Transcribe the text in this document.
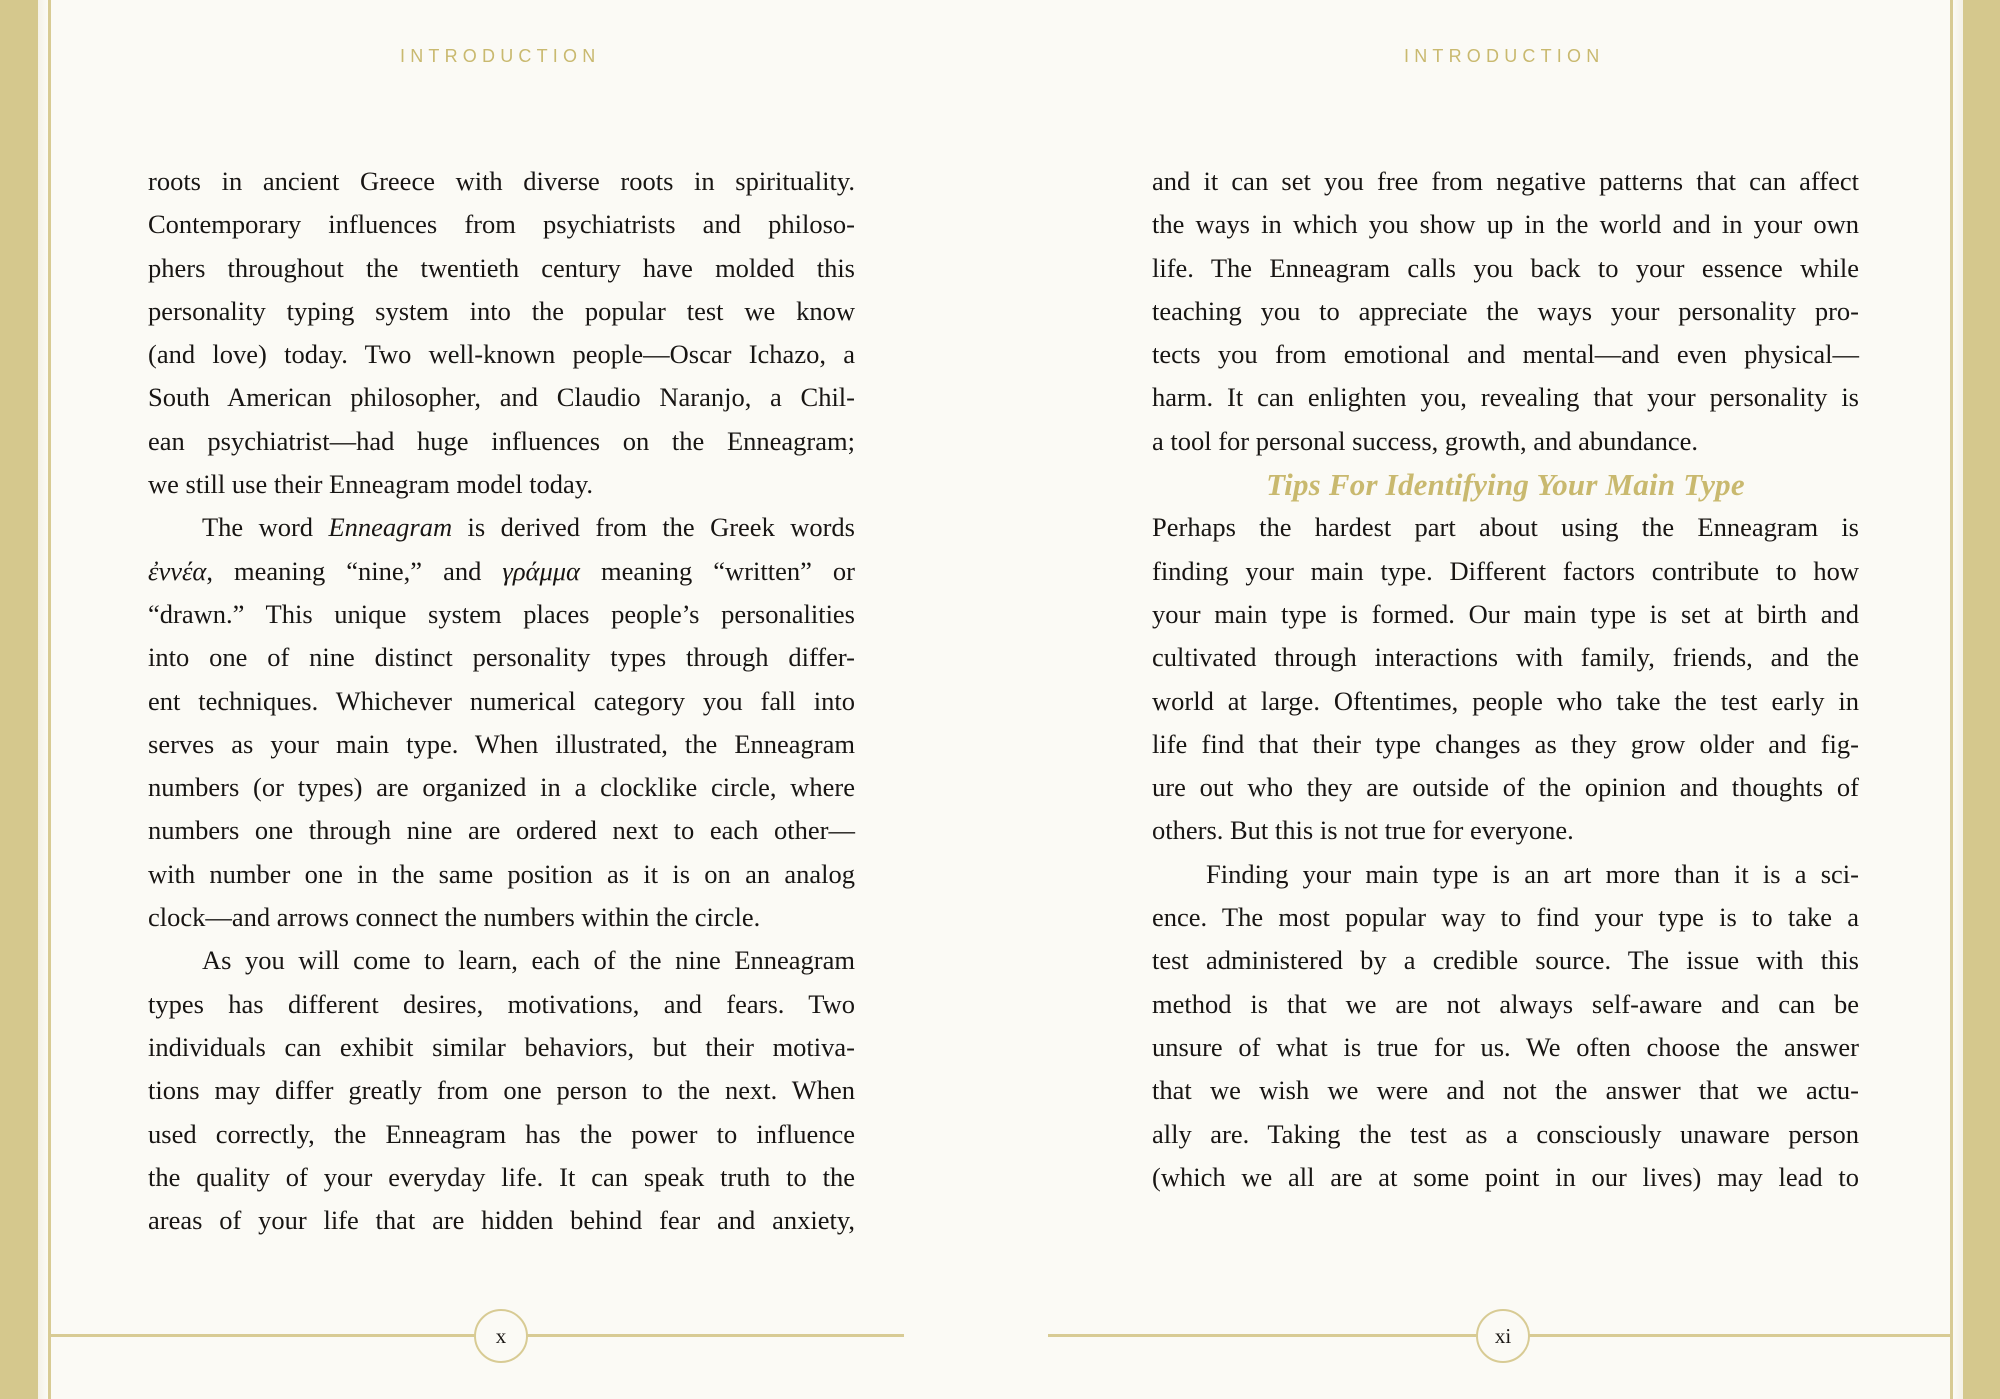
INTRODUCTION	INTRODUCTION

roots in ancient Greece with diverse roots in spirituality.
Contemporary influences from psychiatrists and philoso-
phers throughout the twentieth century have molded this
personality typing system into the popular test we know
(and love) today. Two well-known people—Oscar Ichazo, a
South American philosopher, and Claudio Naranjo, a Chil-
ean psychiatrist—had huge influences on the Enneagram;
we still use their Enneagram model today.

The word Enneagram is derived from the Greek words
ἐννέα, meaning “nine,” and γράμμα meaning “written” or
“drawn.” This unique system places people’s personalities
into one of nine distinct personality types through differ-
ent techniques. Whichever numerical category you fall into
serves as your main type. When illustrated, the Enneagram
numbers (or types) are organized in a clocklike circle, where
numbers one through nine are ordered next to each other—
with number one in the same position as it is on an analog
clock—and arrows connect the numbers within the circle.

As you will come to learn, each of the nine Enneagram
types has different desires, motivations, and fears. Two
individuals can exhibit similar behaviors, but their motiva-
tions may differ greatly from one person to the next. When
used correctly, the Enneagram has the power to influence
the quality of your everyday life. It can speak truth to the
areas of your life that are hidden behind fear and anxiety,

and it can set you free from negative patterns that can affect
the ways in which you show up in the world and in your own
life. The Enneagram calls you back to your essence while
teaching you to appreciate the ways your personality pro-
tects you from emotional and mental—and even physical—
harm. It can enlighten you, revealing that your personality is
a tool for personal success, growth, and abundance.

Tips For Identifying Your Main Type

Perhaps the hardest part about using the Enneagram is
finding your main type. Different factors contribute to how
your main type is formed. Our main type is set at birth and
cultivated through interactions with family, friends, and the
world at large. Oftentimes, people who take the test early in
life find that their type changes as they grow older and fig-
ure out who they are outside of the opinion and thoughts of
others. But this is not true for everyone.

Finding your main type is an art more than it is a sci-
ence. The most popular way to find your type is to take a
test administered by a credible source. The issue with this
method is that we are not always self-aware and can be
unsure of what is true for us. We often choose the answer
that we wish we were and not the answer that we actu-
ally are. Taking the test as a consciously unaware person
(which we all are at some point in our lives) may lead to

x	xi
